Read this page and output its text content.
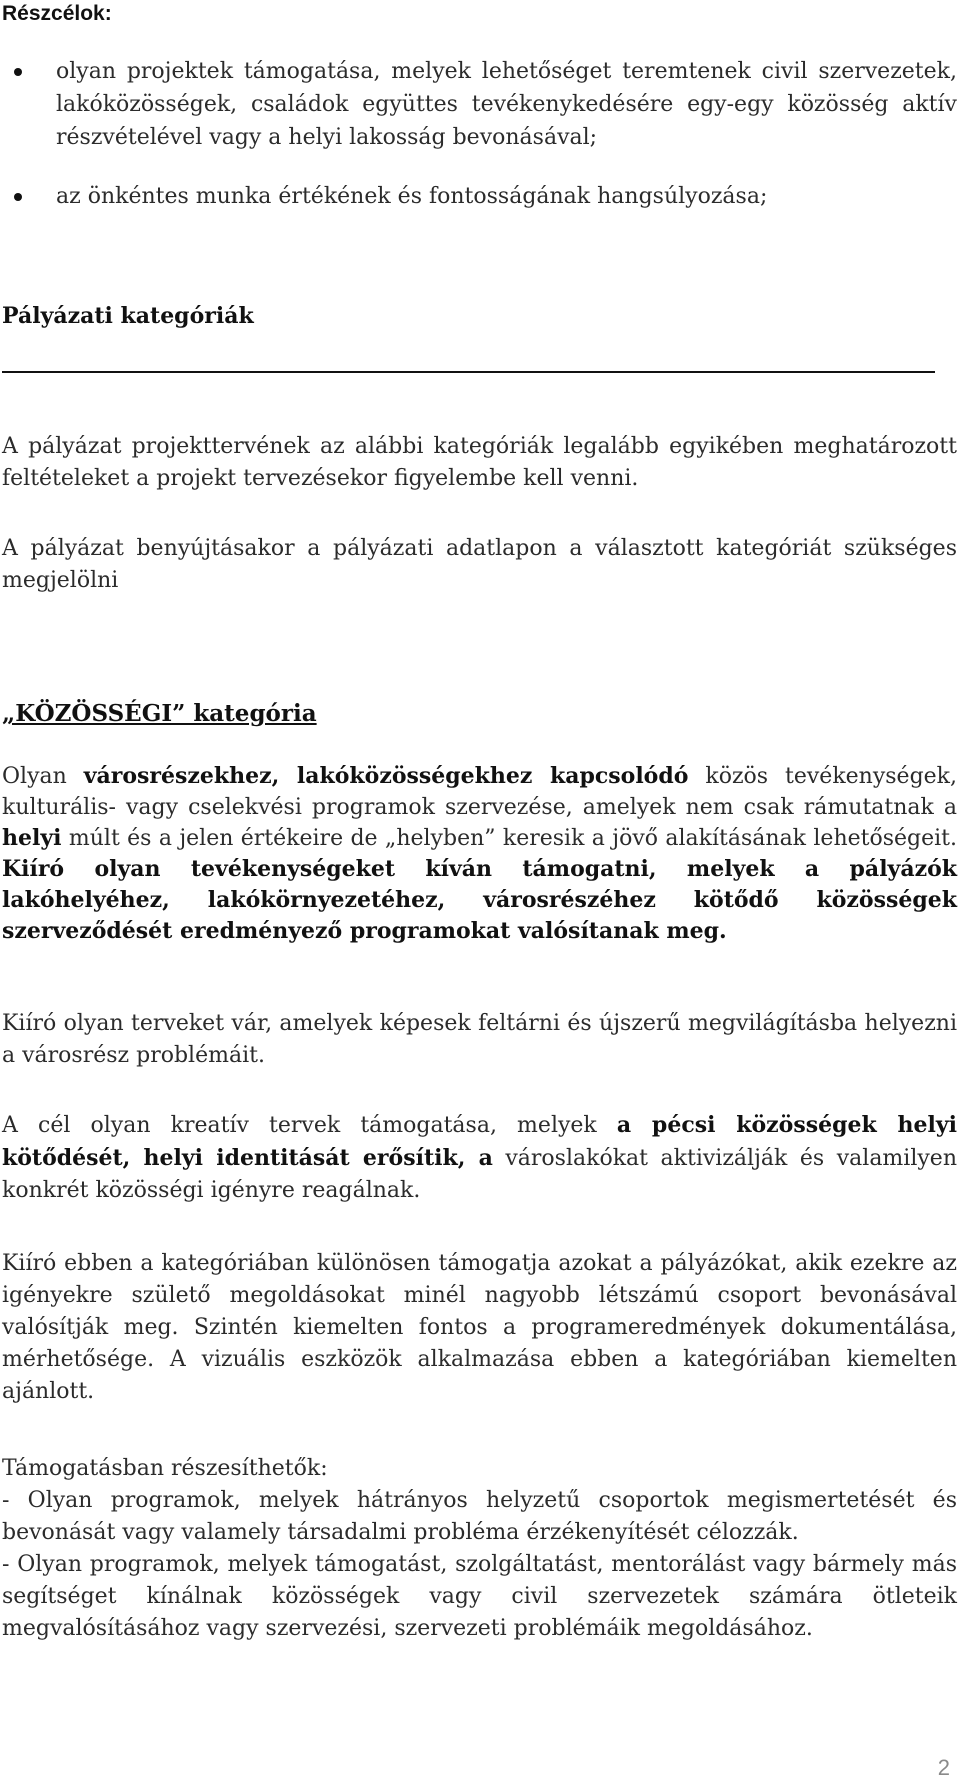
Részcélok:
olyan projektek támogatása, melyek lehetőséget teremtenek civil szervezetek, lakóközösségek, családok együttes tevékenykedésére egy-egy közösség aktív részvételével vagy a helyi lakosság bevonásával;
az önkéntes munka értékének és fontosságának hangsúlyozása;
Pályázati kategóriák

A pályázat projekttervének az alábbi kategóriák legalább egyikében meghatározott feltételeket a projekt tervezésekor figyelembe kell venni.

A pályázat benyújtásakor a pályázati adatlapon a választott kategóriát szükséges megjelölni

„KÖZÖSSÉGI” kategória

Olyan városrészekhez, lakóközösségekhez kapcsolódó közös tevékenységek, kulturális- vagy cselekvési programok szervezése, amelyek nem csak rámutatnak a helyi múlt és a jelen értékeire de „helyben” keresik a jövő alakításának lehetőségeit. Kiíró olyan tevékenységeket kíván támogatni, melyek a pályázók lakóhelyéhez, lakókörnyezetéhez, városrészéhez kötődő közösségek szerveződését eredményező programokat valósítanak meg.

Kiíró olyan terveket vár, amelyek képesek feltárni és újszerű megvilágításba helyezni a városrész problémáit.

A cél olyan kreatív tervek támogatása, melyek a pécsi közösségek helyi kötődését, helyi identitását erősítik, a városlakókat aktivizálják és valamilyen konkrét közösségi igényre reagálnak.

Kiíró ebben a kategóriában különösen támogatja azokat a pályázókat, akik ezekre az igényekre születő megoldásokat minél nagyobb létszámú csoport bevonásával valósítják meg. Szintén kiemelten fontos a programeredmények dokumentálása, mérhetősége. A vizuális eszközök alkalmazása ebben a kategóriában kiemelten ajánlott.

Támogatásban részesíthetők:
- Olyan programok, melyek hátrányos helyzetű csoportok megismertetését és bevonását vagy valamely társadalmi probléma érzékenyítését célozzák.
- Olyan programok, melyek támogatást, szolgáltatást, mentorálást vagy bármely más segítséget kínálnak közösségek vagy civil szervezetek számára ötleteik megvalósításához vagy szervezési, szervezeti problémáik megoldásához.
2
